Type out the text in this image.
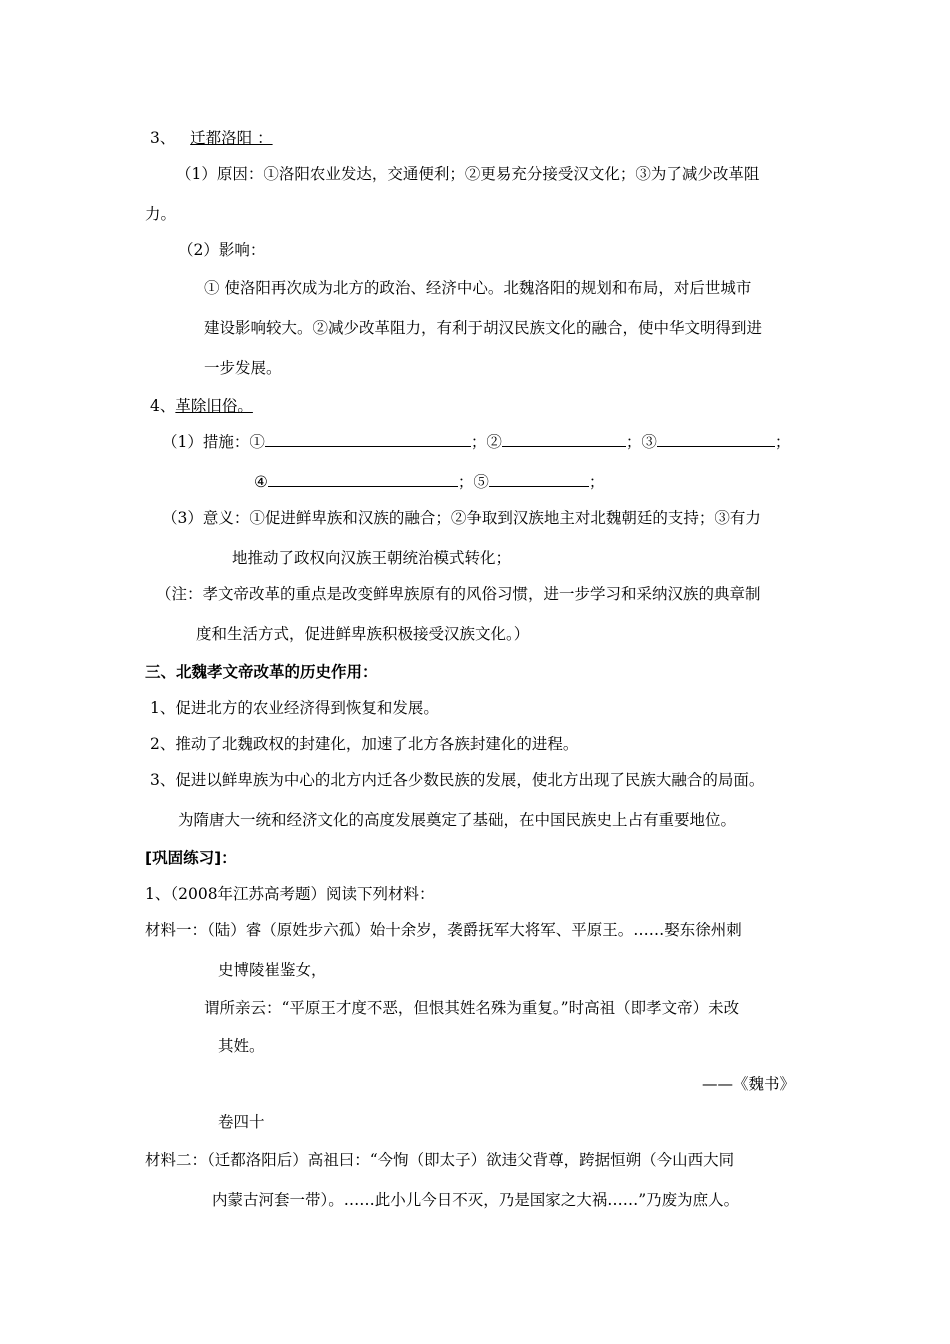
3、 迁都洛阳 ：
（1）原因：①洛阳农业发达，交通便利；②更易充分接受汉文化；③为了减少改革阻
力。
（2）影响：
① 使洛阳再次成为北方的政治、经济中心。北魏洛阳的规划和布局，对后世城市
建设影响较大。②减少改革阻力，有利于胡汉民族文化的融合，使中华文明得到进
一步发展。
4、革除旧俗。
（1）措施：①	；②	；③	；
④	；⑤	；
（3）意义：①促进鲜卑族和汉族的融合；②争取到汉族地主对北魏朝廷的支持；③有力
地推动了政权向汉族王朝统治模式转化；
（注：孝文帝改革的重点是改变鲜卑族原有的风俗习惯，进一步学习和采纳汉族的典章制
度和生活方式，促进鲜卑族积极接受汉族文化。）
三、北魏孝文帝改革的历史作用：
1、促进北方的农业经济得到恢复和发展。
2、推动了北魏政权的封建化，加速了北方各族封建化的进程。
3、促进以鲜卑族为中心的北方内迁各少数民族的发展，使北方出现了民族大融合的局面。
为隋唐大一统和经济文化的高度发展奠定了基础，在中国民族史上占有重要地位。
[巩固练习]：
1、（2008年江苏高考题）阅读下列材料：
材料一：（陆）睿（原姓步六孤）始十余岁，袭爵抚军大将军、平原王。……娶东徐州刺
史博陵崔鉴女，
谓所亲云：“平原王才度不恶，但恨其姓名殊为重复。”时高祖（即孝文帝）未改
其姓。
——《魏书》
卷四十
材料二：（迁都洛阳后）高祖曰：“今恂（即太子）欲违父背尊，跨据恒朔（今山西大同
内蒙古河套一带）。……此小儿今日不灭，乃是国家之大祸……”乃废为庶人。
